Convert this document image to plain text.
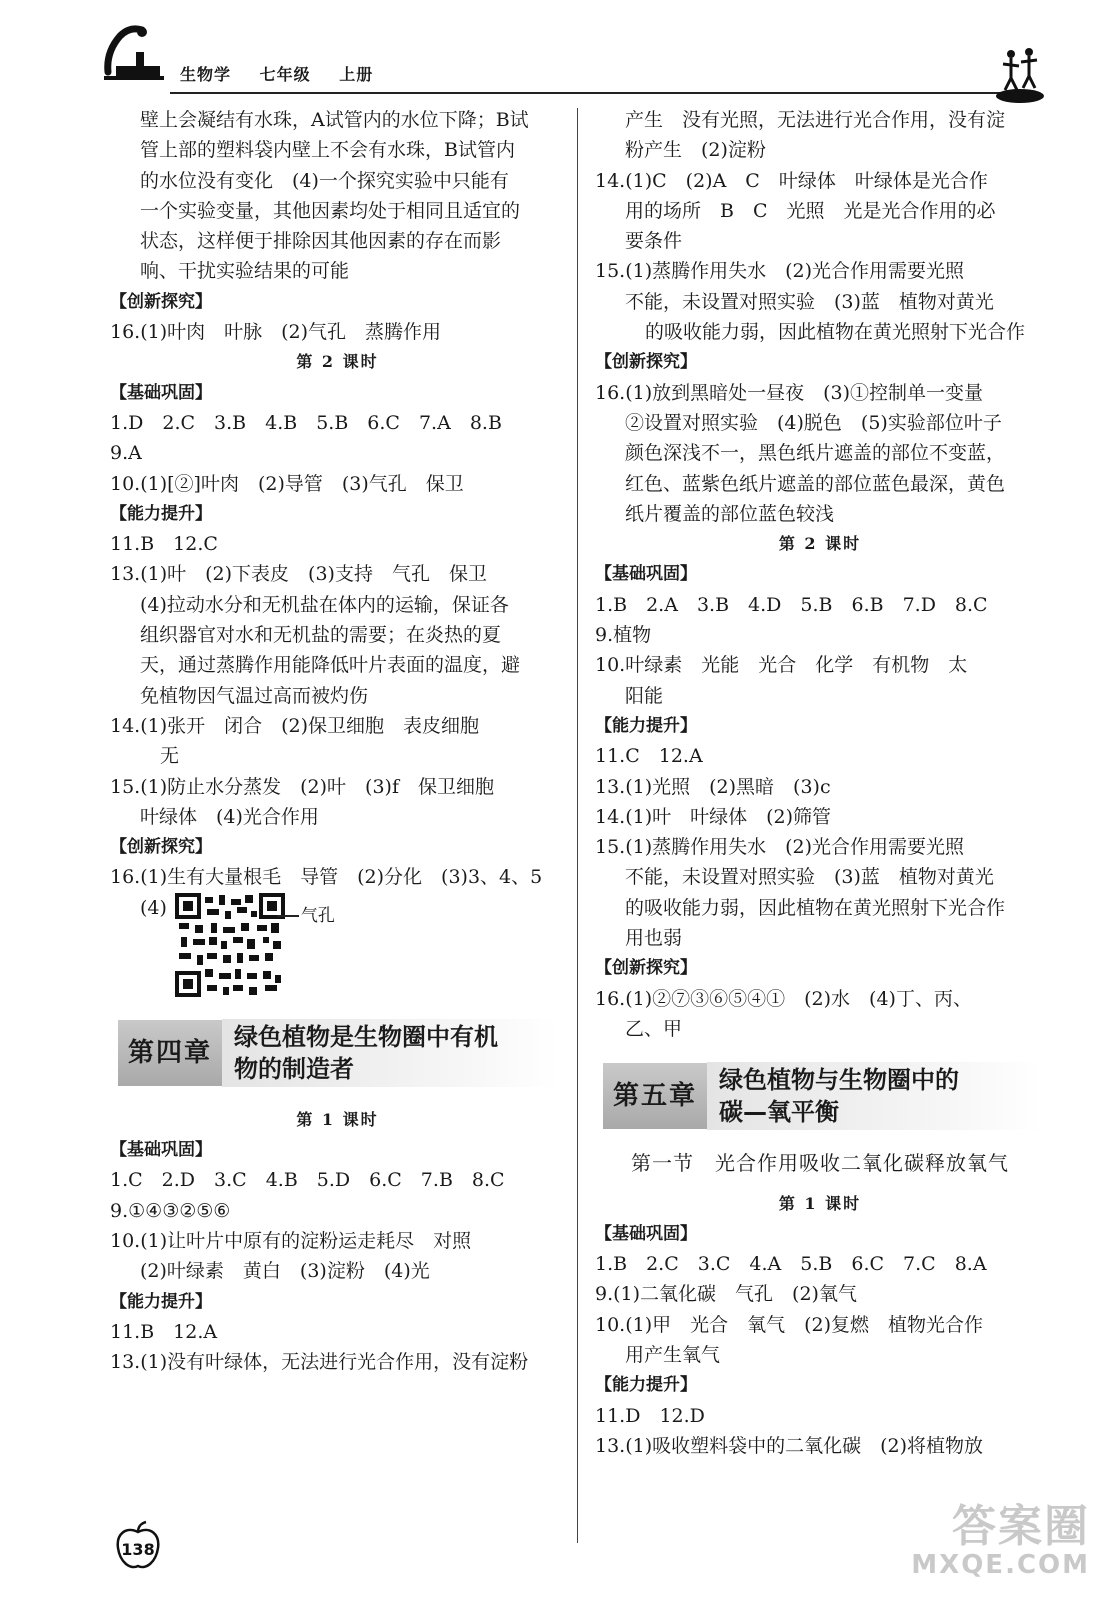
生物学 七年级 上册
壁上会凝结有水珠，A试管内的水位下降；B试
管上部的塑料袋内壁上不会有水珠，B试管内
的水位没有变化　(4)一个探究实验中只能有
一个实验变量，其他因素均处于相同且适宜的
状态，这样便于排除因其他因素的存在而影
响、干扰实验结果的可能
【创新探究】
16.(1)叶肉　叶脉　(2)气孔　蒸腾作用
第 2 课时
【基础巩固】
1.D　2.C　3.B　4.B　5.B　6.C　7.A　8.B
9.A
10.(1)[②]叶肉　(2)导管　(3)气孔　保卫
【能力提升】
11.B　12.C
13.(1)叶　(2)下表皮　(3)支持　气孔　保卫
(4)拉动水分和无机盐在体内的运输，保证各
组织器官对水和无机盐的需要；在炎热的夏
天，通过蒸腾作用能降低叶片表面的温度，避
免植物因气温过高而被灼伤
14.(1)张开　闭合　(2)保卫细胞　表皮细胞
无
15.(1)防止水分蒸发　(2)叶　(3)f　保卫细胞
叶绿体　(4)光合作用
【创新探究】
16.(1)生有大量根毛　导管　(2)分化　(3)3、4、5
(4)	气孔
第四章
绿色植物是生物圈中有机
物的制造者
第 1 课时
【基础巩固】
1.C　2.D　3.C　4.B　5.D　6.C　7.B　8.C
9.①④③②⑤⑥
10.(1)让叶片中原有的淀粉运走耗尽　对照
(2)叶绿素　黄白　(3)淀粉　(4)光
【能力提升】
11.B　12.A
13.(1)没有叶绿体，无法进行光合作用，没有淀粉
产生　没有光照，无法进行光合作用，没有淀
粉产生　(2)淀粉
14.(1)C　(2)A　C　叶绿体　叶绿体是光合作
用的场所　B　C　光照　光是光合作用的必
要条件
15.(1)蒸腾作用失水　(2)光合作用需要光照
不能，未设置对照实验　(3)蓝　植物对黄光
的吸收能力弱，因此植物在黄光照射下光合作
【创新探究】
16.(1)放到黑暗处一昼夜　(3)①控制单一变量
②设置对照实验　(4)脱色　(5)实验部位叶子
颜色深浅不一，黑色纸片遮盖的部位不变蓝，
红色、蓝紫色纸片遮盖的部位蓝色最深，黄色
纸片覆盖的部位蓝色较浅
第 2 课时
【基础巩固】
1.B　2.A　3.B　4.D　5.B　6.B　7.D　8.C
9.植物
10.叶绿素　光能　光合　化学　有机物　太
阳能
【能力提升】
11.C　12.A
13.(1)光照　(2)黑暗　(3)c
14.(1)叶　叶绿体　(2)筛管
15.(1)蒸腾作用失水　(2)光合作用需要光照
不能，未设置对照实验　(3)蓝　植物对黄光
的吸收能力弱，因此植物在黄光照射下光合作
用也弱
【创新探究】
16.(1)②⑦③⑥⑤④①　(2)水　(4)丁、丙、
乙、甲
第五章
绿色植物与生物圈中的
碳—氧平衡
第一节　光合作用吸收二氧化碳释放氧气
第 1 课时
【基础巩固】
1.B　2.C　3.C　4.A　5.B　6.C　7.C　8.A
9.(1)二氧化碳　气孔　(2)氧气
10.(1)甲　光合　氧气　(2)复燃　植物光合作
用产生氧气
【能力提升】
11.D　12.D
13.(1)吸收塑料袋中的二氧化碳　(2)将植物放
138	答案圈
MXQE.COM
